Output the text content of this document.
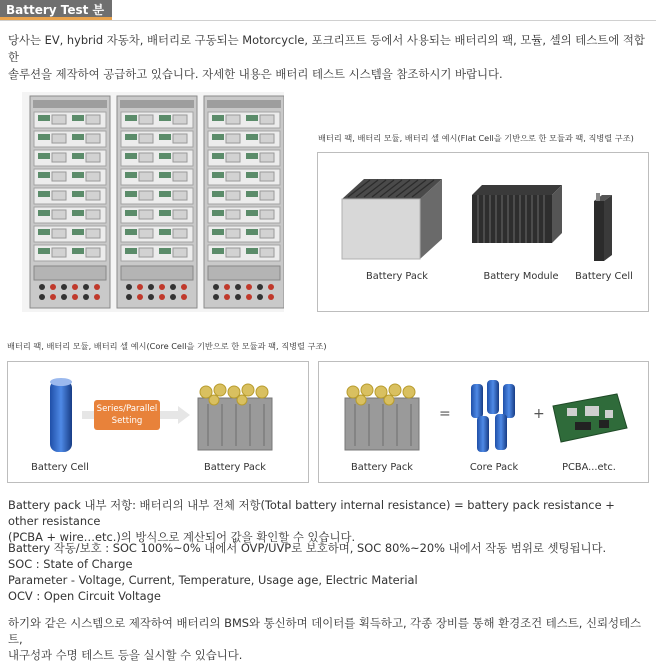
Battery Test 분야
당사는 EV, hybrid 자동차, 배터리로 구동되는 Motorcycle, 포크리프트 등에서 사용되는 배터리의 팩, 모듈, 셀의 테스트에 적합한
솔루션을 제작하여 공급하고 있습니다. 자세한 내용은 배터리 테스트 시스템을 참조하시기 바랍니다.
배터리 팩, 배터리 모듈, 배터리 셀 예시(Flat Cell을 기반으로 한 모듈과 팩, 직병렬 구조)
Battery Pack	Battery Module	Battery Cell
배터리 팩, 배터리 모듈, 배터리 셀 예시(Core Cell을 기반으로 한 모듈과 팩, 직병렬 구조)
Battery Cell
Series/Parallel
Setting
Battery Pack	Battery Pack
=
Core Pack
+
PCBA...etc.

Battery pack 내부 저항: 배터리의 내부 전체 저항(Total battery internal resistance) = battery pack resistance + other resistance

(PCBA + wire…etc.)의 방식으로 계산되어 값을 확인할 수 있습니다.

Battery 작동/보호 : SOC 100%~0% 내에서 OVP/UVP로 보호하며, SOC 80%~20% 내에서 작동 범위로 셋팅됩니다.

SOC : State of Charge

Parameter - Voltage, Current, Temperature, Usage age, Electric Material

OCV : Open Circuit Voltage

하기와 같은 시스템으로 제작하여 배터리의 BMS와 통신하며 데이터를 획득하고, 각종 장비를 통해 환경조건 테스트, 신뢰성테스트,

내구성과 수명 테스트 등을 실시할 수 있습니다.
